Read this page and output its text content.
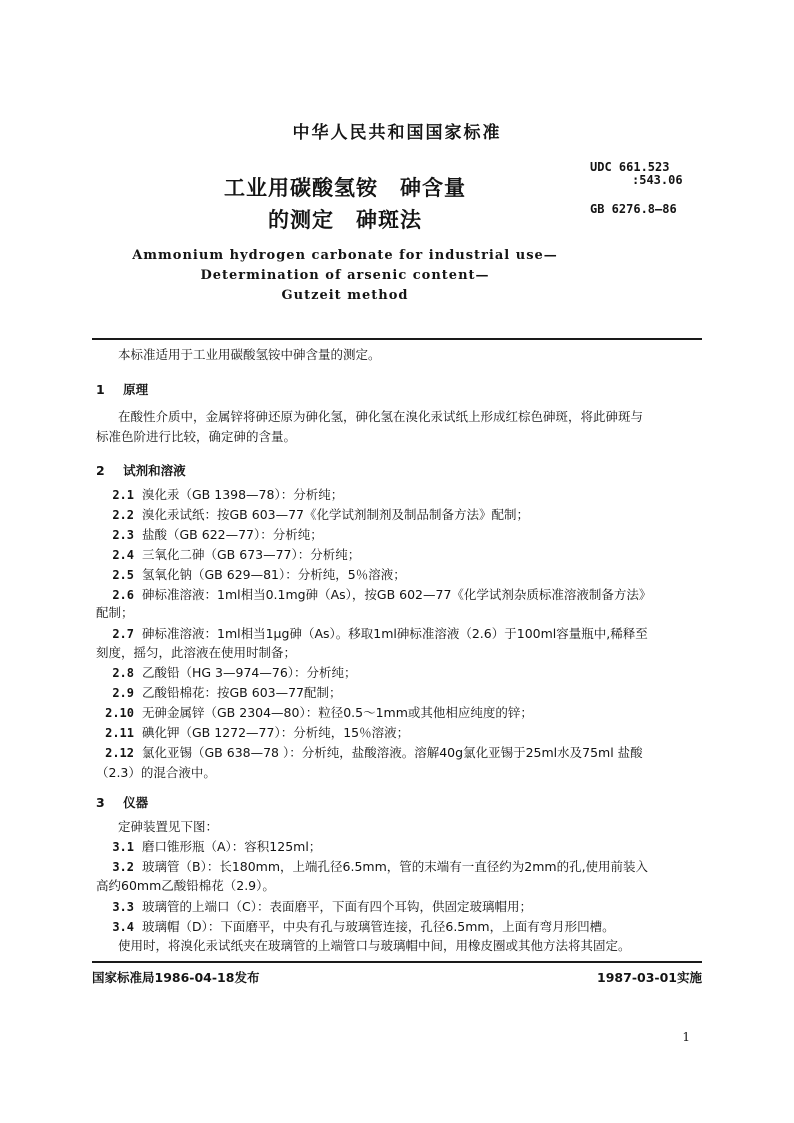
中华人民共和国国家标准
工业用碳酸氢铵　砷含量
的测定　砷斑法
UDC 661.523
:543.06
GB 6276.8—86
Ammonium hydrogen carbonate for industrial use—
Determination of arsenic content—
Gutzeit method
本标准适用于工业用碳酸氢铵中砷含量的测定。
1 原理
在酸性介质中，金属锌将砷还原为砷化氢，砷化氢在溴化汞试纸上形成红棕色砷斑，将此砷斑与
标准色阶进行比较，确定砷的含量。
2 试剂和溶液
2.1 溴化汞（GB 1398—78）：分析纯；
2.2 溴化汞试纸：按GB 603—77《化学试剂制剂及制品制备方法》配制；
2.3 盐酸（GB 622—77）：分析纯；
2.4 三氧化二砷（GB 673—77）：分析纯；
2.5 氢氧化钠（GB 629—81）：分析纯，5％溶液；
2.6 砷标准溶液：1ml相当0.1mg砷（As），按GB 602—77《化学试剂杂质标准溶液制备方法》
配制；
2.7 砷标准溶液：1ml相当1μg砷（As）。移取1ml砷标准溶液（2.6）于100ml容量瓶中,稀释至
刻度，摇匀，此溶液在使用时制备；
2.8 乙酸铅（HG 3—974—76）：分析纯；
2.9 乙酸铅棉花：按GB 603—77配制；
2.10 无砷金属锌（GB 2304—80）：粒径0.5～1mm或其他相应纯度的锌；
2.11 碘化钾（GB 1272—77）：分析纯，15％溶液；
2.12 氯化亚锡（GB 638—78 ）：分析纯，盐酸溶液。溶解40g氯化亚锡于25ml水及75ml 盐酸
（2.3）的混合液中。
3 仪器
定砷装置见下图：
3.1 磨口锥形瓶（A）：容积125ml；
3.2 玻璃管（B）：长180mm，上端孔径6.5mm，管的末端有一直径约为2mm的孔,使用前装入
高约60mm乙酸铅棉花（2.9）。
3.3 玻璃管的上端口（C）：表面磨平，下面有四个耳钩，供固定玻璃帽用；
3.4 玻璃帽（D）：下面磨平，中央有孔与玻璃管连接，孔径6.5mm，上面有弯月形凹槽。
使用时，将溴化汞试纸夹在玻璃管的上端管口与玻璃帽中间，用橡皮圈或其他方法将其固定。
国家标准局1986-04-18发布	1987-03-01实施
1
